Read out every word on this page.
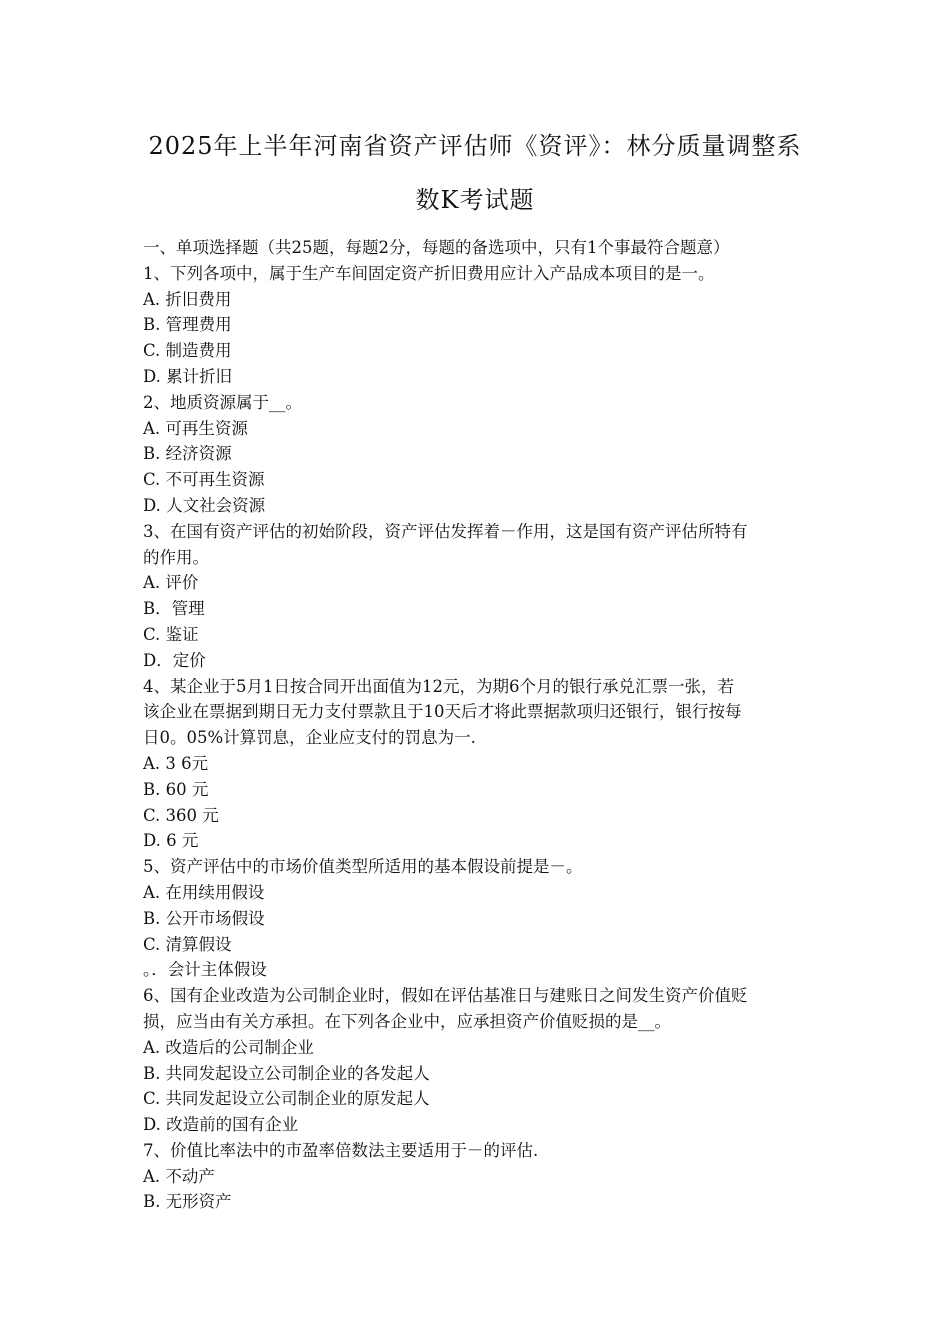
2025年上半年河南省资产评估师《资评》：林分质量调整系
数K考试题
一、单项选择题（共25题，每题2分，每题的备选项中，只有1个事最符合题意）
1、下列各项中，属于生产车间固定资产折旧费用应计入产品成本项目的是一。
A. 折旧费用
B. 管理费用
C. 制造费用
D. 累计折旧
2、地质资源属于__。
A. 可再生资源
B. 经济资源
C. 不可再生资源
D. 人文社会资源
3、在国有资产评估的初始阶段，资产评估发挥着－作用，这是国有资产评估所特有
的作用。
A. 评价
B．管理
C. 鉴证
D．定价
4、某企业于5月1日按合同开出面值为12元，为期6个月的银行承兑汇票一张，若
该企业在票据到期日无力支付票款且于10天后才将此票据款项归还银行，银行按每
日0。05%计算罚息，企业应支付的罚息为一.
A. 3 6元
B. 60 元
C. 360 元
D. 6 元
5、资产评估中的市场价值类型所适用的基本假设前提是－。
A. 在用续用假设
B. 公开市场假设
C. 清算假设
。．会计主体假设
6、国有企业改造为公司制企业时，假如在评估基准日与建账日之间发生资产价值贬
损，应当由有关方承担。在下列各企业中，应承担资产价值贬损的是__。
A. 改造后的公司制企业
B. 共同发起设立公司制企业的各发起人
C. 共同发起设立公司制企业的原发起人
D. 改造前的国有企业
7、价值比率法中的市盈率倍数法主要适用于－的评估.
A. 不动产
B. 无形资产
